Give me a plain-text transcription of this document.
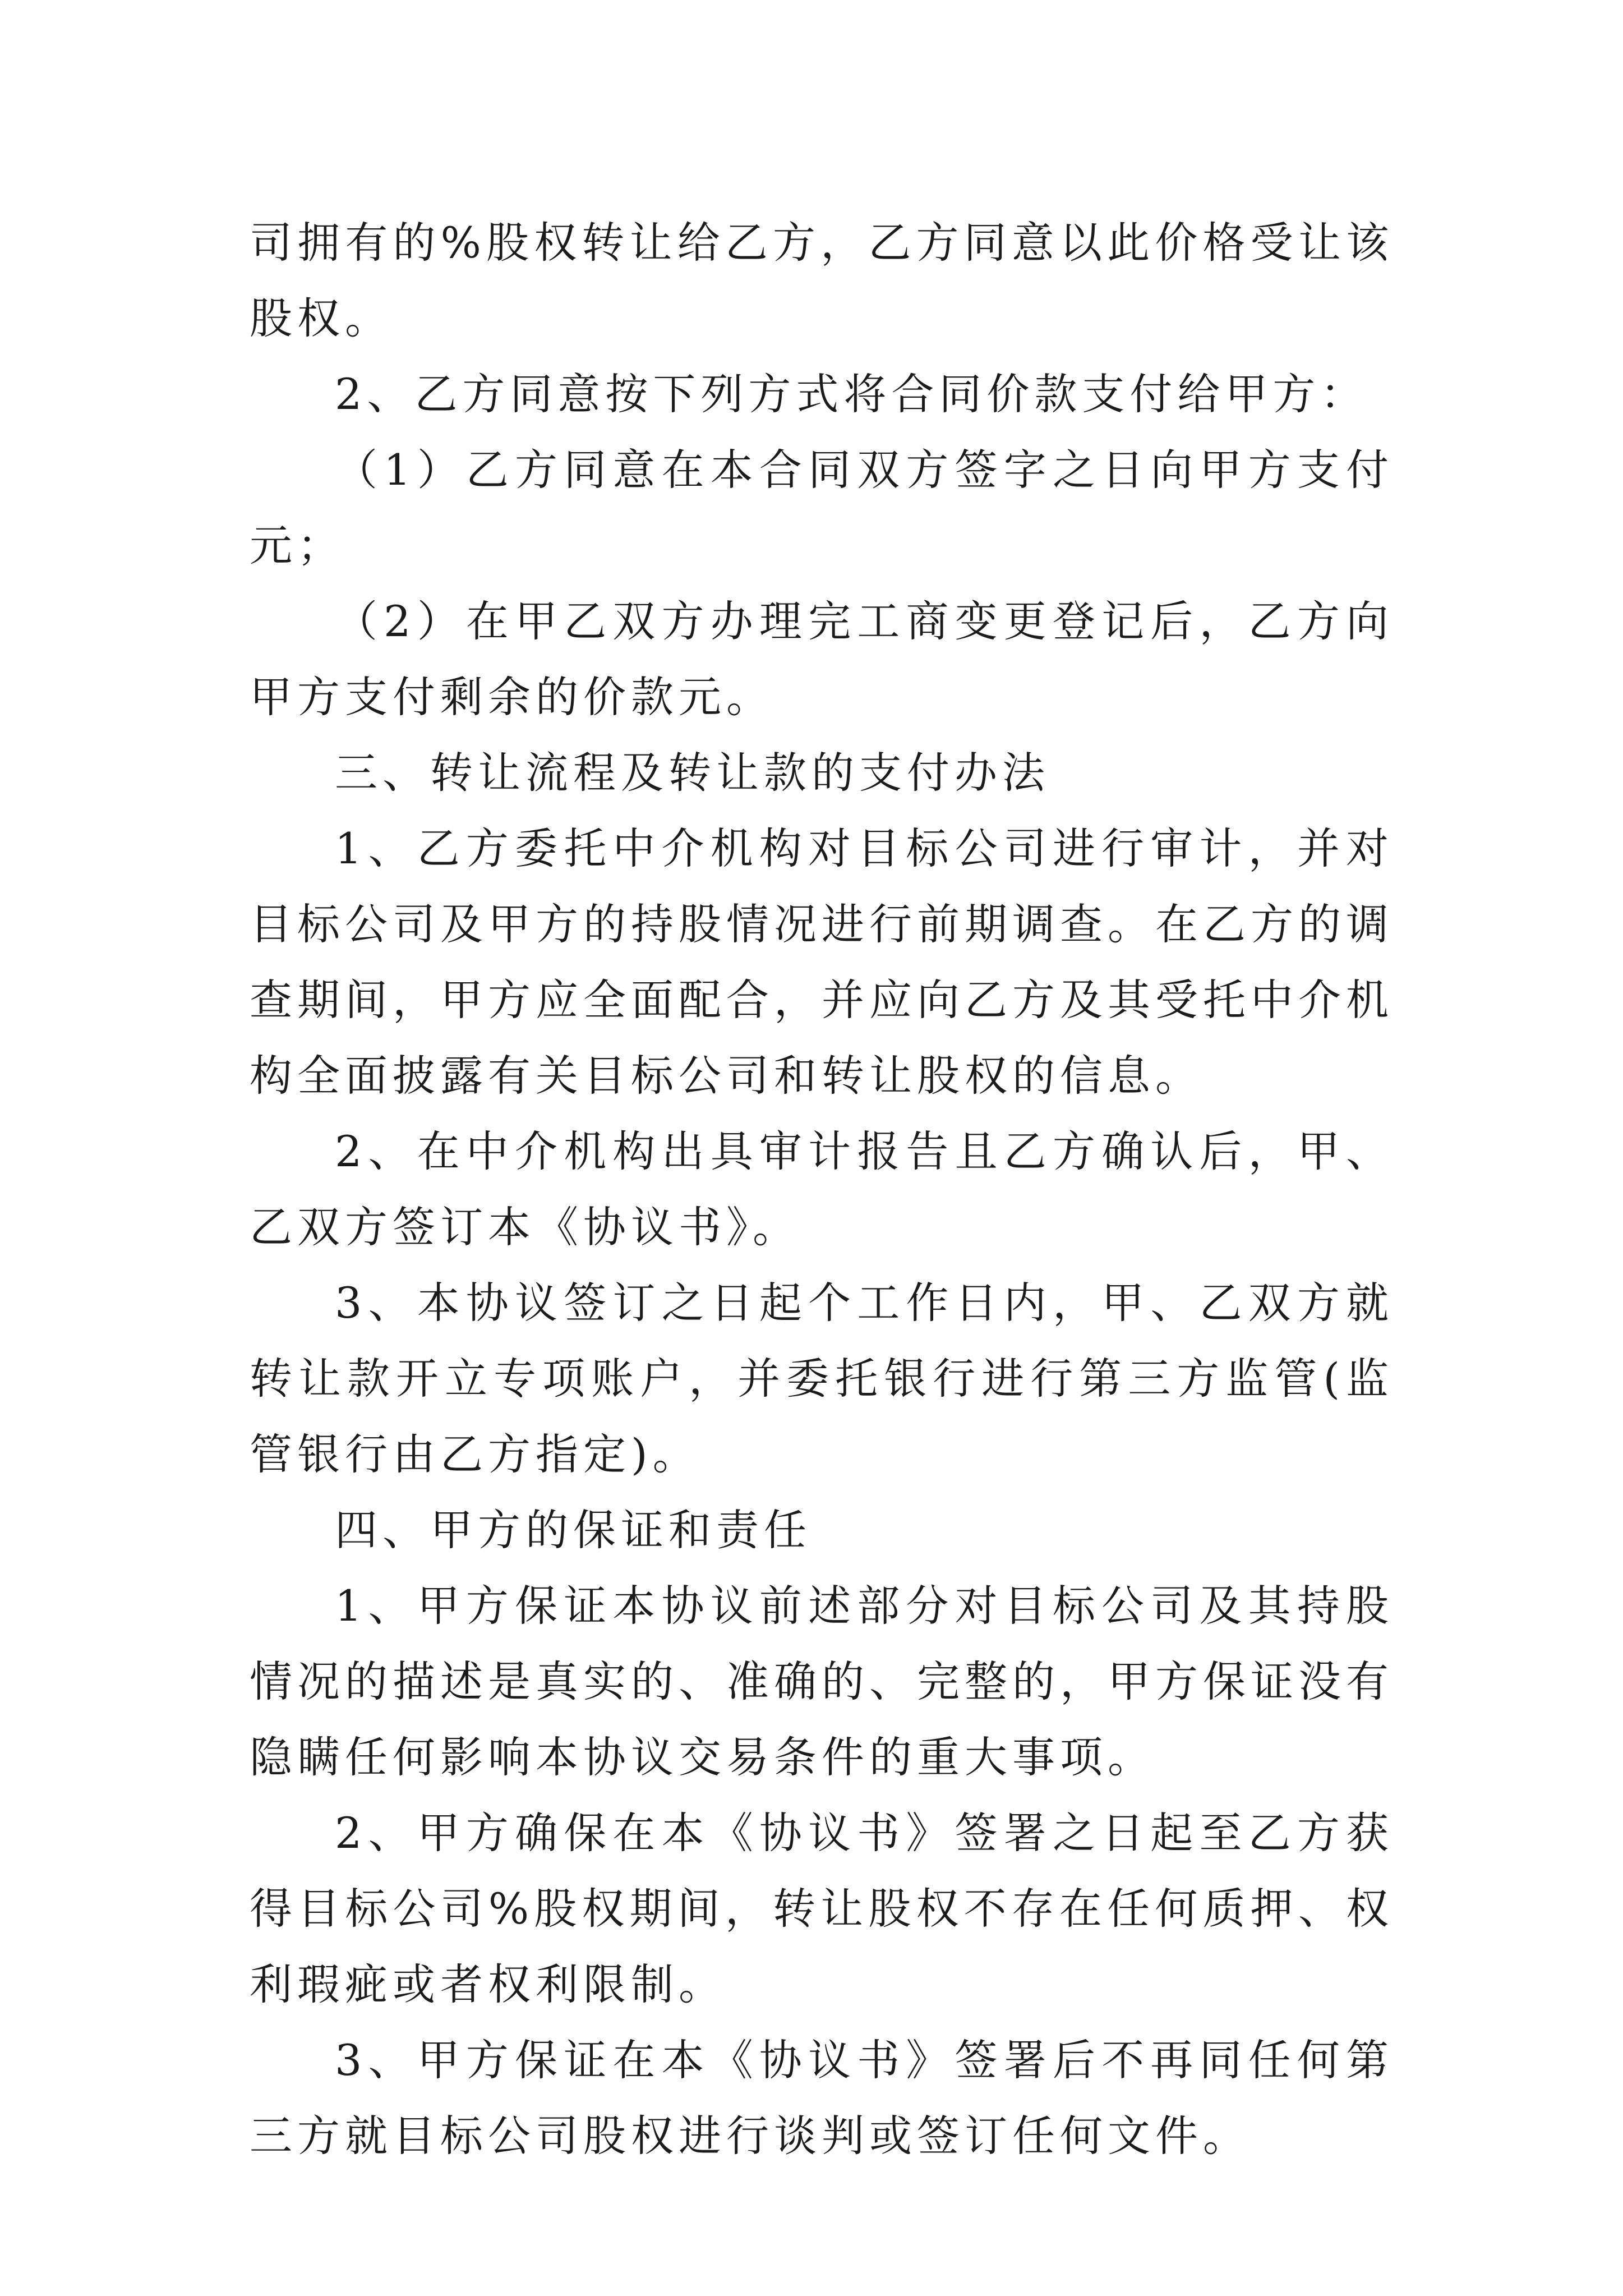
司拥有的%股权转让给乙方，乙方同意以此价格受让该股权。

2、乙方同意按下列方式将合同价款支付给甲方：

（1）乙方同意在本合同双方签字之日向甲方支付元；

（2）在甲乙双方办理完工商变更登记后，乙方向甲方支付剩余的价款元。

三、转让流程及转让款的支付办法

1、乙方委托中介机构对目标公司进行审计，并对目标公司及甲方的持股情况进行前期调查。在乙方的调查期间，甲方应全面配合，并应向乙方及其受托中介机构全面披露有关目标公司和转让股权的信息。

2、在中介机构出具审计报告且乙方确认后，甲、乙双方签订本《协议书》。

3、本协议签订之日起个工作日内，甲、乙双方就转让款开立专项账户，并委托银行进行第三方监管(监管银行由乙方指定)。

四、甲方的保证和责任

1、甲方保证本协议前述部分对目标公司及其持股情况的描述是真实的、准确的、完整的，甲方保证没有隐瞒任何影响本协议交易条件的重大事项。

2、甲方确保在本《协议书》签署之日起至乙方获得目标公司%股权期间，转让股权不存在任何质押、权利瑕疵或者权利限制。

3、甲方保证在本《协议书》签署后不再同任何第三方就目标公司股权进行谈判或签订任何文件。
